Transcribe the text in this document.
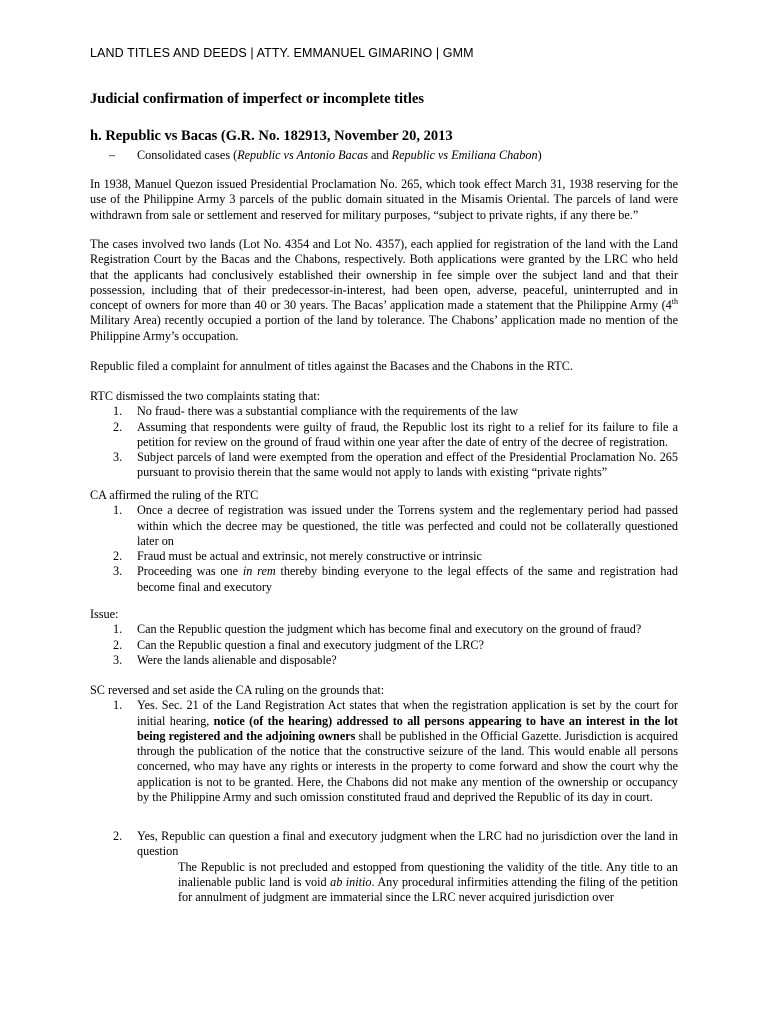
LAND TITLES AND DEEDS | ATTY. EMMANUEL GIMARINO | GMM
Judicial confirmation of imperfect or incomplete titles
h. Republic vs Bacas (G.R. No. 182913, November 20, 2013
– Consolidated cases (Republic vs Antonio Bacas and Republic vs Emiliana Chabon)
In 1938, Manuel Quezon issued Presidential Proclamation No. 265, which took effect March 31, 1938 reserving for the use of the Philippine Army 3 parcels of the public domain situated in the Misamis Oriental. The parcels of land were withdrawn from sale or settlement and reserved for military purposes, “subject to private rights, if any there be.”
The cases involved two lands (Lot No. 4354 and Lot No. 4357), each applied for registration of the land with the Land Registration Court by the Bacas and the Chabons, respectively. Both applications were granted by the LRC who held that the applicants had conclusively established their ownership in fee simple over the subject land and that their possession, including that of their predecessor-in-interest, had been open, adverse, peaceful, uninterrupted and in concept of owners for more than 40 or 30 years. The Bacas’ application made a statement that the Philippine Army (4th Military Area) recently occupied a portion of the land by tolerance. The Chabons’ application made no mention of the Philippine Army’s occupation.
Republic filed a complaint for annulment of titles against the Bacases and the Chabons in the RTC.
RTC dismissed the two complaints stating that:
1. No fraud- there was a substantial compliance with the requirements of the law
2. Assuming that respondents were guilty of fraud, the Republic lost its right to a relief for its failure to file a petition for review on the ground of fraud within one year after the date of entry of the decree of registration.
3. Subject parcels of land were exempted from the operation and effect of the Presidential Proclamation No. 265 pursuant to provisio therein that the same would not apply to lands with existing “private rights”
CA affirmed the ruling of the RTC
1. Once a decree of registration was issued under the Torrens system and the reglementary period had passed within which the decree may be questioned, the title was perfected and could not be collaterally questioned later on
2. Fraud must be actual and extrinsic, not merely constructive or intrinsic
3. Proceeding was one in rem thereby binding everyone to the legal effects of the same and registration had become final and executory
Issue:
1. Can the Republic question the judgment which has become final and executory on the ground of fraud?
2. Can the Republic question a final and executory judgment of the LRC?
3. Were the lands alienable and disposable?
SC reversed and set aside the CA ruling on the grounds that:
1. Yes. Sec. 21 of the Land Registration Act states that when the registration application is set by the court for initial hearing, notice (of the hearing) addressed to all persons appearing to have an interest in the lot being registered and the adjoining owners shall be published in the Official Gazette. Jurisdiction is acquired through the publication of the notice that the constructive seizure of the land. This would enable all persons concerned, who may have any rights or interests in the property to come forward and show the court why the application is not to be granted. Here, the Chabons did not make any mention of the ownership or occupancy by the Philippine Army and such omission constituted fraud and deprived the Republic of its day in court.
2. Yes, Republic can question a final and executory judgment when the LRC had no jurisdiction over the land in question
The Republic is not precluded and estopped from questioning the validity of the title. Any title to an inalienable public land is void ab initio. Any procedural infirmities attending the filing of the petition for annulment of judgment are immaterial since the LRC never acquired jurisdiction over
